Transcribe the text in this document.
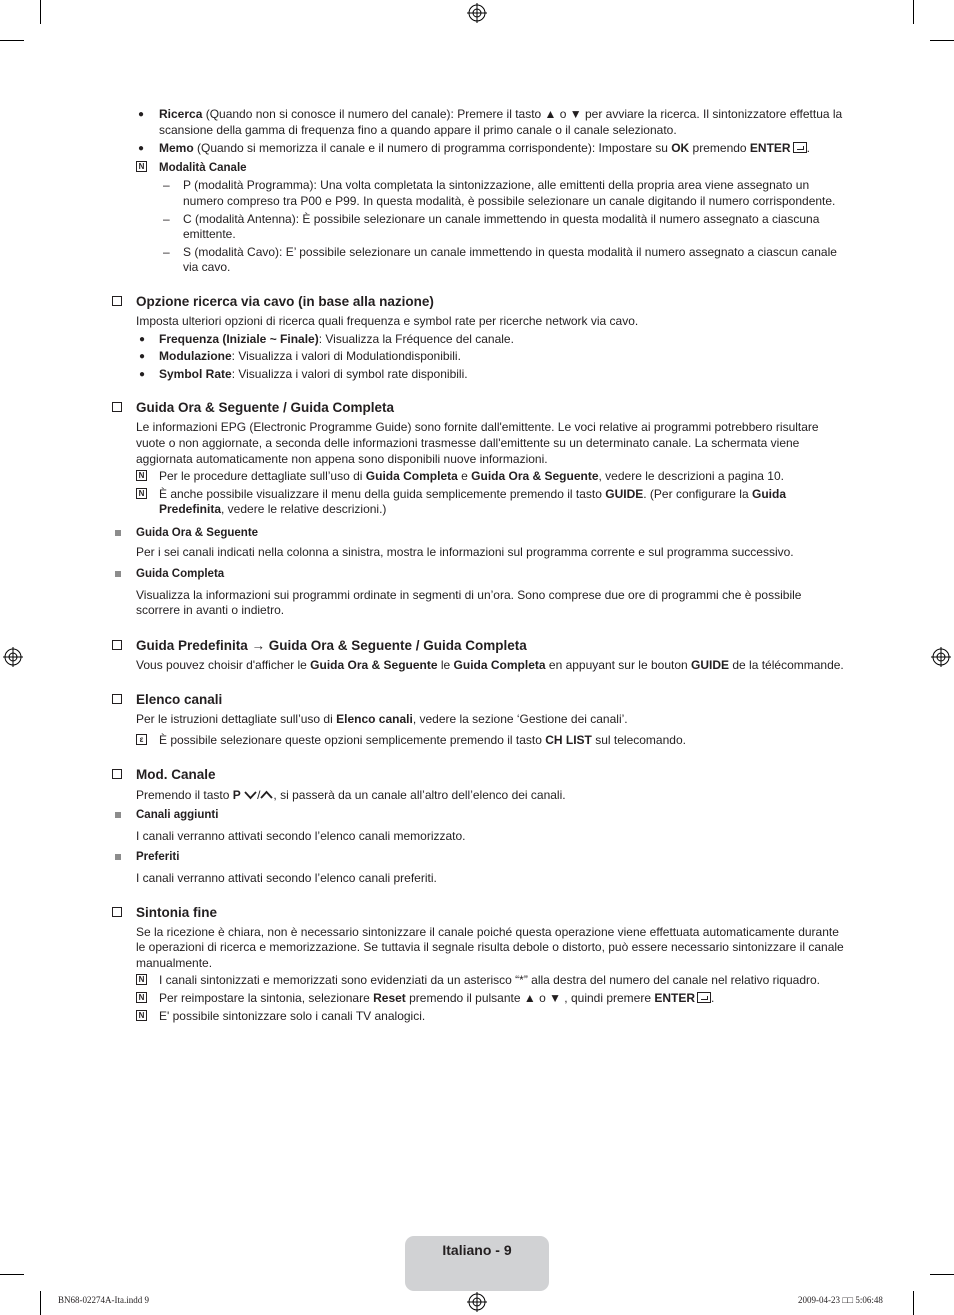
● Ricerca (Quando non si conosce il numero del canale): Premere il tasto ▲ o ▼ per avviare la ricerca. Il sintonizzatore effettua la scansione della gamma di frequenza fino a quando appare il primo canale o il canale selezionato.
● Memo (Quando si memorizza il canale e il numero di programma corrispondente): Impostare su OK premendo ENTER .
N Modalità Canale
– P (modalità Programma): Una volta completata la sintonizzazione, alle emittenti della propria area viene assegnato un numero compreso tra P00 e P99. In questa modalità, è possibile selezionare un canale digitando il numero corrispondente.
– C (modalità Antenna): È possibile selezionare un canale immettendo in questa modalità il numero assegnato a ciascuna emittente.
– S (modalità Cavo): E’ possibile selezionare un canale immettendo in questa modalità il numero assegnato a ciascun canale via cavo.
Opzione ricerca via cavo (in base alla nazione)
Imposta ulteriori opzioni di ricerca quali frequenza e symbol rate per ricerche network via cavo.
● Frequenza (Iniziale ~ Finale): Visualizza la Fréquence del canale.
● Modulazione: Visualizza i valori di Modulationdisponibili.
● Symbol Rate: Visualizza i valori di symbol rate disponibili.
Guida Ora & Seguente / Guida Completa
Le informazioni EPG (Electronic Programme Guide) sono fornite dall'emittente. Le voci relative ai programmi potrebbero risultare vuote o non aggiornate, a seconda delle informazioni trasmesse dall'emittente su un determinato canale. La schermata viene aggiornata automaticamente non appena sono disponibili nuove informazioni.
N Per le procedure dettagliate sull’uso di Guida Completa e Guida Ora & Seguente, vedere le descrizioni a pagina 10.
N È anche possibile visualizzare il menu della guida semplicemente premendo il tasto GUIDE. (Per configurare la Guida Predefinita, vedere le relative descrizioni.)
Guida Ora & Seguente
Per i sei canali indicati nella colonna a sinistra, mostra le informazioni sul programma corrente e sul programma successivo.
Guida Completa
Visualizza la informazioni sui programmi ordinate in segmenti di un’ora. Sono comprese due ore di programmi che è possibile scorrere in avanti o indietro.
Guida Predefinita → Guida Ora & Seguente / Guida Completa
Vous pouvez choisir d'afficher le Guida Ora & Seguente le Guida Completa en appuyant sur le bouton GUIDE de la télécommande.
Elenco canali
Per le istruzioni dettagliate sull’uso di Elenco canali, vedere la sezione ‘Gestione dei canali’.
ε	È possibile selezionare queste opzioni semplicemente premendo il tasto CH LIST sul telecomando.
Mod. Canale
Premendo il tasto P / , si passerà da un canale all’altro dell’elenco dei canali.
Canali aggiunti
I canali verranno attivati secondo l’elenco canali memorizzato.
Preferiti
I canali verranno attivati secondo l’elenco canali preferiti.
Sintonia fine
Se la ricezione è chiara, non è necessario sintonizzare il canale poiché questa operazione viene effettuata automaticamente durante le operazioni di ricerca e memorizzazione. Se tuttavia il segnale risulta debole o distorto, può essere necessario sintonizzare il canale manualmente.
N I canali sintonizzati e memorizzati sono evidenziati da un asterisco “*” alla destra del numero del canale nel relativo riquadro.
N Per reimpostare la sintonia, selezionare Reset premendo il pulsante ▲ o ▼ , quindi premere ENTER .
N E' possibile sintonizzare solo i canali TV analogici.
Italiano - 9
BN68-02274A-Ita.indd 9	2009-04-23 □□ 5:06:48
